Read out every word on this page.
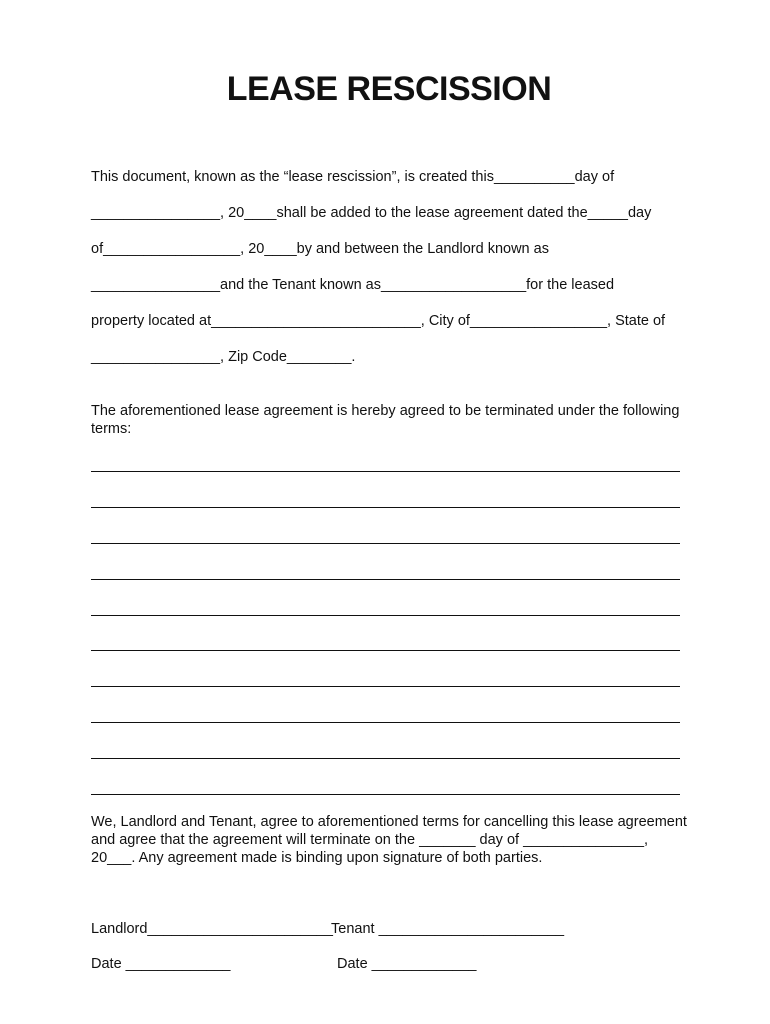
LEASE RESCISSION

This document, known as the “lease rescission”, is created this__________day of

________________, 20____shall be added to the lease agreement dated the_____day

of_________________, 20____by and between the Landlord known as

________________and the Tenant known as__________________for the leased

property located at__________________________, City of_________________, State of

________________, Zip Code________.

The aforementioned lease agreement is hereby agreed to be terminated under the following terms:

We, Landlord and Tenant, agree to aforementioned terms for cancelling this lease agreement and agree that the agreement will terminate on the _______ day of _______________, 20___. Any agreement made is binding upon signature of both parties.

Landlord_______________________

Tenant _______________________

Date _____________	Date _____________
